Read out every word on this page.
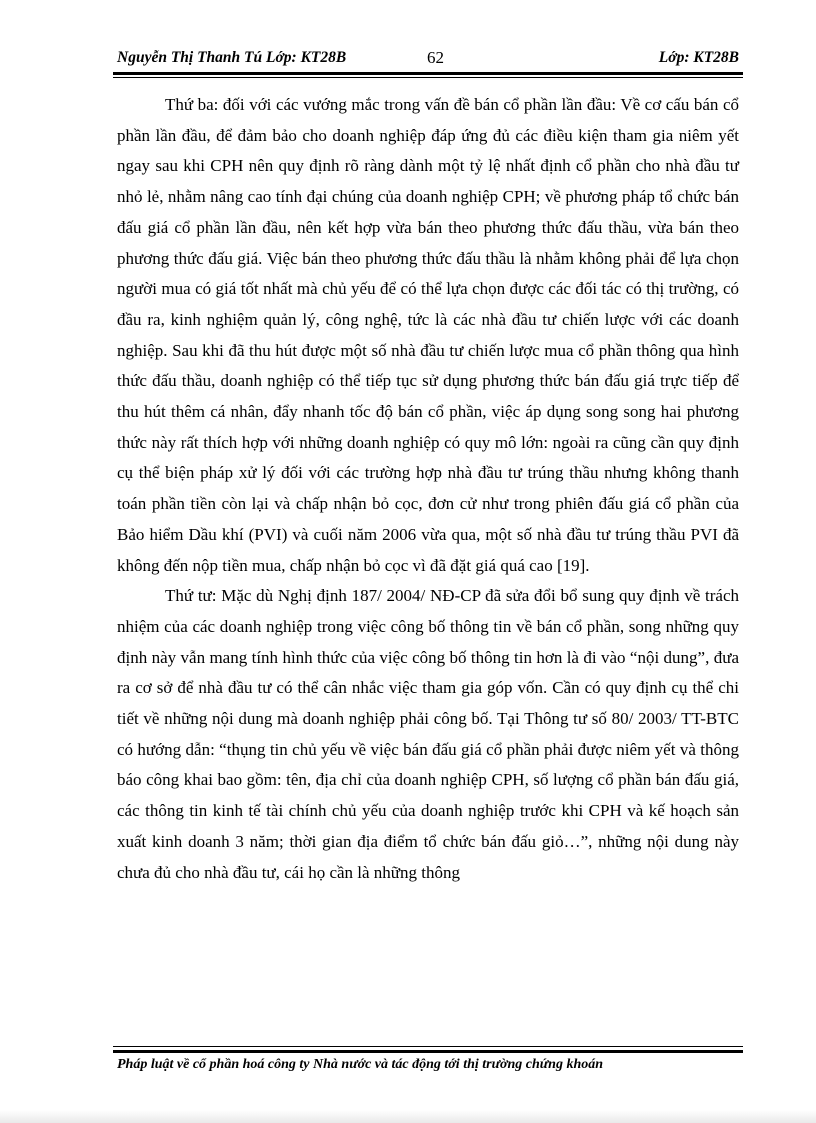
Nguyễn Thị Thanh Tú Lớp: KT28B	62	Lớp: KT28B

Thứ ba: đối với các vướng mắc trong vấn đề bán cổ phần lần đầu: Về cơ cấu bán cổ phần lần đầu, để đảm bảo cho doanh nghiệp đáp ứng đủ các điều kiện tham gia niêm yết ngay sau khi CPH nên quy định rõ ràng dành một tỷ lệ nhất định cổ phần cho nhà đầu tư nhỏ lẻ, nhằm nâng cao tính đại chúng của doanh nghiệp CPH; về phương pháp tổ chức bán đấu giá cổ phần lần đầu, nên kết hợp vừa bán theo phương thức đấu thầu, vừa bán theo phương thức đấu giá. Việc bán theo phương thức đấu thầu là nhằm không phải để lựa chọn người mua có giá tốt nhất mà chủ yếu để có thể lựa chọn được các đối tác có thị trường, có đầu ra, kinh nghiệm quản lý, công nghệ, tức là các nhà đầu tư chiến lược với các doanh nghiệp. Sau khi đã thu hút được một số nhà đầu tư chiến lược mua cổ phần thông qua hình thức đấu thầu, doanh nghiệp có thể tiếp tục sử dụng phương thức bán đấu giá trực tiếp để thu hút thêm cá nhân, đẩy nhanh tốc độ bán cổ phần, việc áp dụng song song hai phương thức này rất thích hợp với những doanh nghiệp có quy mô lớn: ngoài ra cũng cần quy định cụ thể biện pháp xử lý đối với các trường hợp nhà đầu tư trúng thầu nhưng không thanh toán phần tiền còn lại và chấp nhận bỏ cọc, đơn cử như trong phiên đấu giá cổ phần của Bảo hiểm Dầu khí (PVI) và cuối năm 2006 vừa qua, một số nhà đầu tư trúng thầu PVI đã không đến nộp tiền mua, chấp nhận bỏ cọc vì đã đặt giá quá cao [19].

Thứ tư: Mặc dù Nghị định 187/ 2004/ NĐ-CP đã sửa đổi bổ sung quy định về trách nhiệm của các doanh nghiệp trong việc công bố thông tin về bán cổ phần, song những quy định này vẫn mang tính hình thức của việc công bố thông tin hơn là đi vào “nội dung”, đưa ra cơ sở để nhà đầu tư có thể cân nhắc việc tham gia góp vốn. Cần có quy định cụ thể chi tiết về những nội dung mà doanh nghiệp phải công bố. Tại Thông tư số 80/ 2003/ TT-BTC có hướng dẫn: “thụng tin chủ yếu về việc bán đấu giá cổ phần phải được niêm yết và thông báo công khai bao gồm: tên, địa chỉ của doanh nghiệp CPH, số lượng cổ phần bán đấu giá, các thông tin kinh tế tài chính chủ yếu của doanh nghiệp trước khi CPH và kế hoạch sản xuất kinh doanh 3 năm; thời gian địa điểm tổ chức bán đấu giỏ…”, những nội dung này chưa đủ cho nhà đầu tư, cái họ cần là những thông

Pháp luật về cổ phần hoá công ty Nhà nước và tác động tới thị trường chứng khoán
